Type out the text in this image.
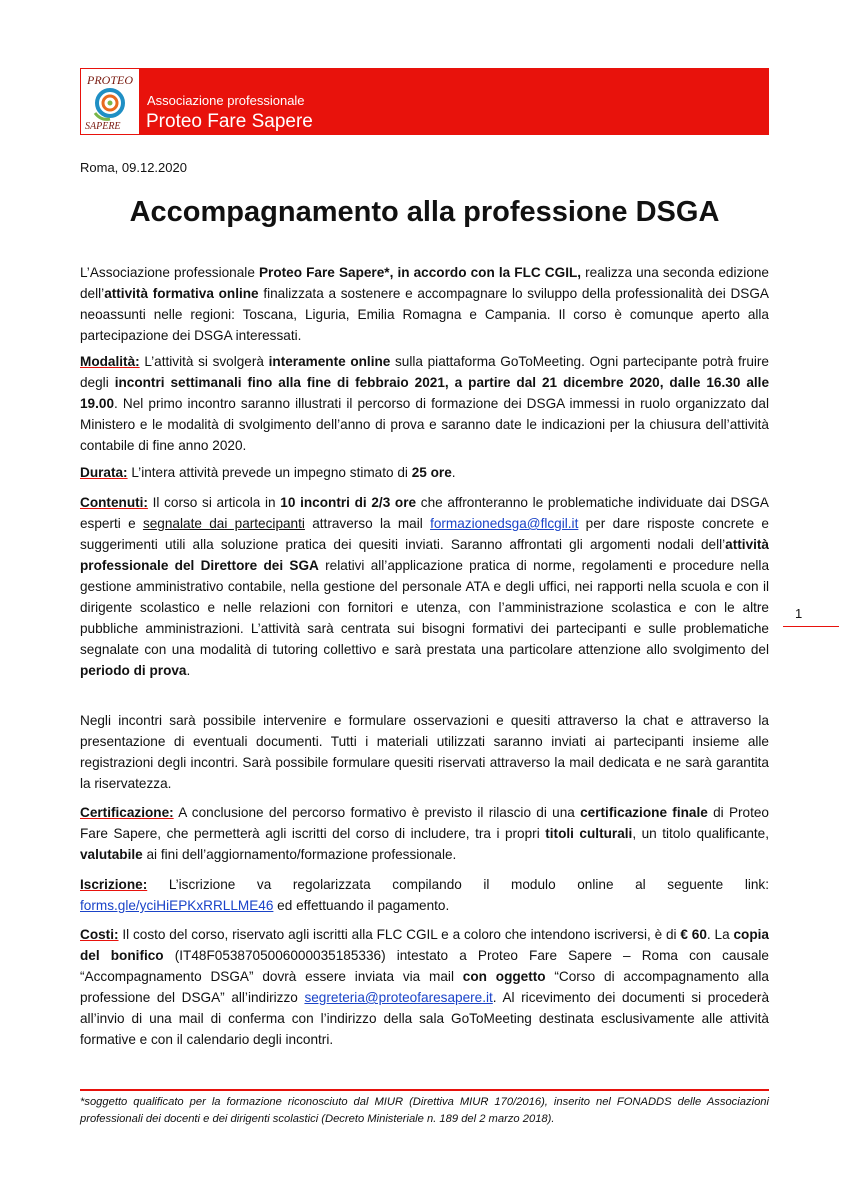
PROTEO
SAPERE
Associazione professionale
Proteo Fare Sapere
Roma, 09.12.2020
Accompagnamento alla professione DSGA
L’Associazione professionale Proteo Fare Sapere*, in accordo con la FLC CGIL, realizza una seconda edizione dell’attività formativa online finalizzata a sostenere e accompagnare lo sviluppo della professionalità dei DSGA neoassunti nelle regioni: Toscana, Liguria, Emilia Romagna e Campania. Il corso è comunque aperto alla partecipazione dei DSGA interessati.
Modalità: L’attività si svolgerà interamente online sulla piattaforma GoToMeeting. Ogni partecipante potrà fruire degli incontri settimanali fino alla fine di febbraio 2021, a partire dal 21 dicembre 2020, dalle 16.30 alle 19.00. Nel primo incontro saranno illustrati il percorso di formazione dei DSGA immessi in ruolo organizzato dal Ministero e le modalità di svolgimento dell’anno di prova e saranno date le indicazioni per la chiusura dell’attività contabile di fine anno 2020.
Durata: L’intera attività prevede un impegno stimato di 25 ore.
Contenuti: Il corso si articola in 10 incontri di 2/3 ore che affronteranno le problematiche individuate dai DSGA esperti e segnalate dai partecipanti attraverso la mail formazionedsga@flcgil.it per dare risposte concrete e suggerimenti utili alla soluzione pratica dei quesiti inviati. Saranno affrontati gli argomenti nodali dell’attività professionale del Direttore dei SGA relativi all’applicazione pratica di norme, regolamenti e procedure nella gestione amministrativo contabile, nella gestione del personale ATA e degli uffici, nei rapporti nella scuola e con il dirigente scolastico e nelle relazioni con fornitori e utenza, con l’amministrazione scolastica e con le altre pubbliche amministrazioni. L’attività sarà centrata sui bisogni formativi dei partecipanti e sulle problematiche segnalate con una modalità di tutoring collettivo e sarà prestata una particolare attenzione allo svolgimento del periodo di prova.
Negli incontri sarà possibile intervenire e formulare osservazioni e quesiti attraverso la chat e attraverso la presentazione di eventuali documenti. Tutti i materiali utilizzati saranno inviati ai partecipanti insieme alle registrazioni degli incontri. Sarà possibile formulare quesiti riservati attraverso la mail dedicata e ne sarà garantita la riservatezza.
Certificazione: A conclusione del percorso formativo è previsto il rilascio di una certificazione finale di Proteo Fare Sapere, che permetterà agli iscritti del corso di includere, tra i propri titoli culturali, un titolo qualificante, valutabile ai fini dell’aggiornamento/formazione professionale.
Iscrizione: L’iscrizione va regolarizzata compilando il modulo online al seguente link: forms.gle/yciHiEPKxRRLLME46 ed effettuando il pagamento.
Costi: Il costo del corso, riservato agli iscritti alla FLC CGIL e a coloro che intendono iscriversi, è di € 60. La copia del bonifico (IT48F0538705006000035185336) intestato a Proteo Fare Sapere – Roma con causale “Accompagnamento DSGA” dovrà essere inviata via mail con oggetto “Corso di accompagnamento alla professione del DSGA” all’indirizzo segreteria@proteofaresapere.it. Al ricevimento dei documenti si procederà all’invio di una mail di conferma con l’indirizzo della sala GoToMeeting destinata esclusivamente alle attività formative e con il calendario degli incontri.
1
*soggetto qualificato per la formazione riconosciuto dal MIUR (Direttiva MIUR 170/2016), inserito nel FONADDS delle Associazioni professionali dei docenti e dei dirigenti scolastici (Decreto Ministeriale n. 189 del 2 marzo 2018).
